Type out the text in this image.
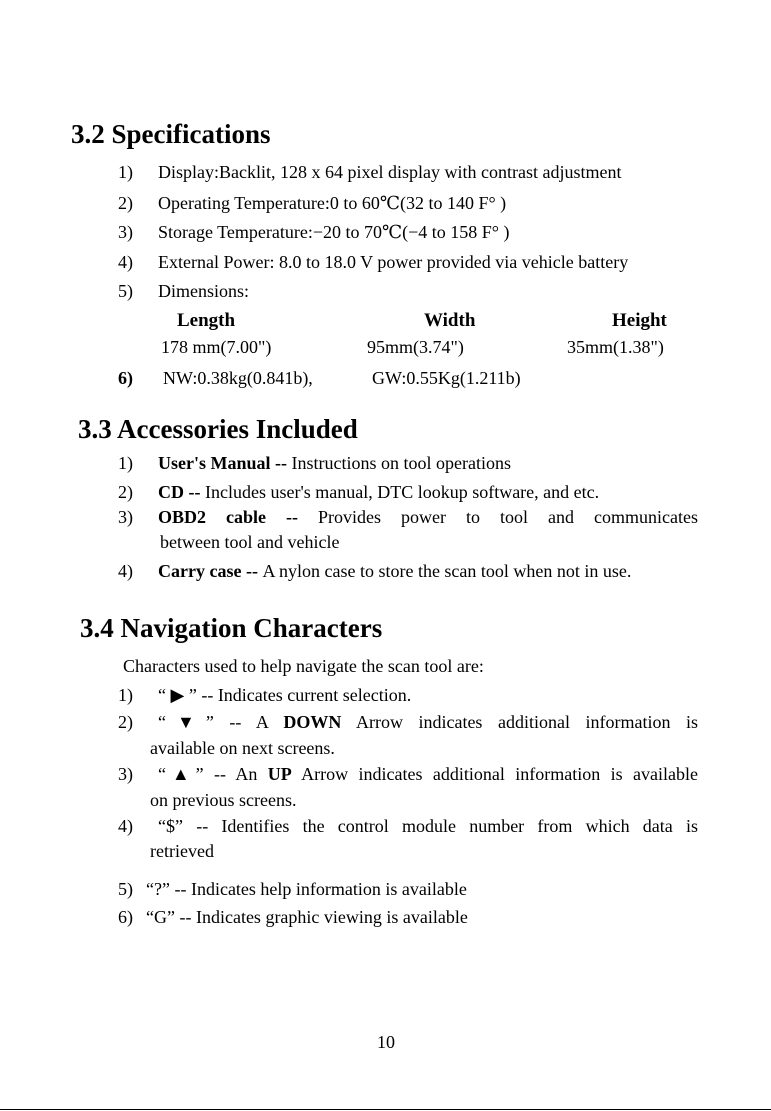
3.2 Specifications
1) Display:Backlit, 128 x 64 pixel display with contrast adjustment
2) Operating Temperature:0 to 60℃(32 to 140 F° )
3) Storage Temperature:−20 to 70℃(−4 to 158 F° )
4) External Power: 8.0 to 18.0 V power provided via vehicle battery
5) Dimensions:
Length	Width	Height
178 mm(7.00")	95mm(3.74")	35mm(1.38")
6) NW:0.38kg(0.841b),	GW:0.55Kg(1.211b)
3.3 Accessories Included
1) User's Manual -- Instructions on tool operations
2) CD -- Includes user's manual, DTC lookup software, and etc.
3) OBD2 cable -- Provides power to tool and communicates
between tool and vehicle
4) Carry case -- A nylon case to store the scan tool when not in use.
3.4 Navigation Characters
Characters used to help navigate the scan tool are:
1) “ ▶ ” -- Indicates current selection.
2) “▼” -- A DOWN Arrow indicates additional information is
available on next screens.
3) “▲” -- An UP Arrow indicates additional information is available
on previous screens.
4) “$” -- Identifies the control module number from which data is
retrieved
5) “?” -- Indicates help information is available
6) “G” -- Indicates graphic viewing is available
10
